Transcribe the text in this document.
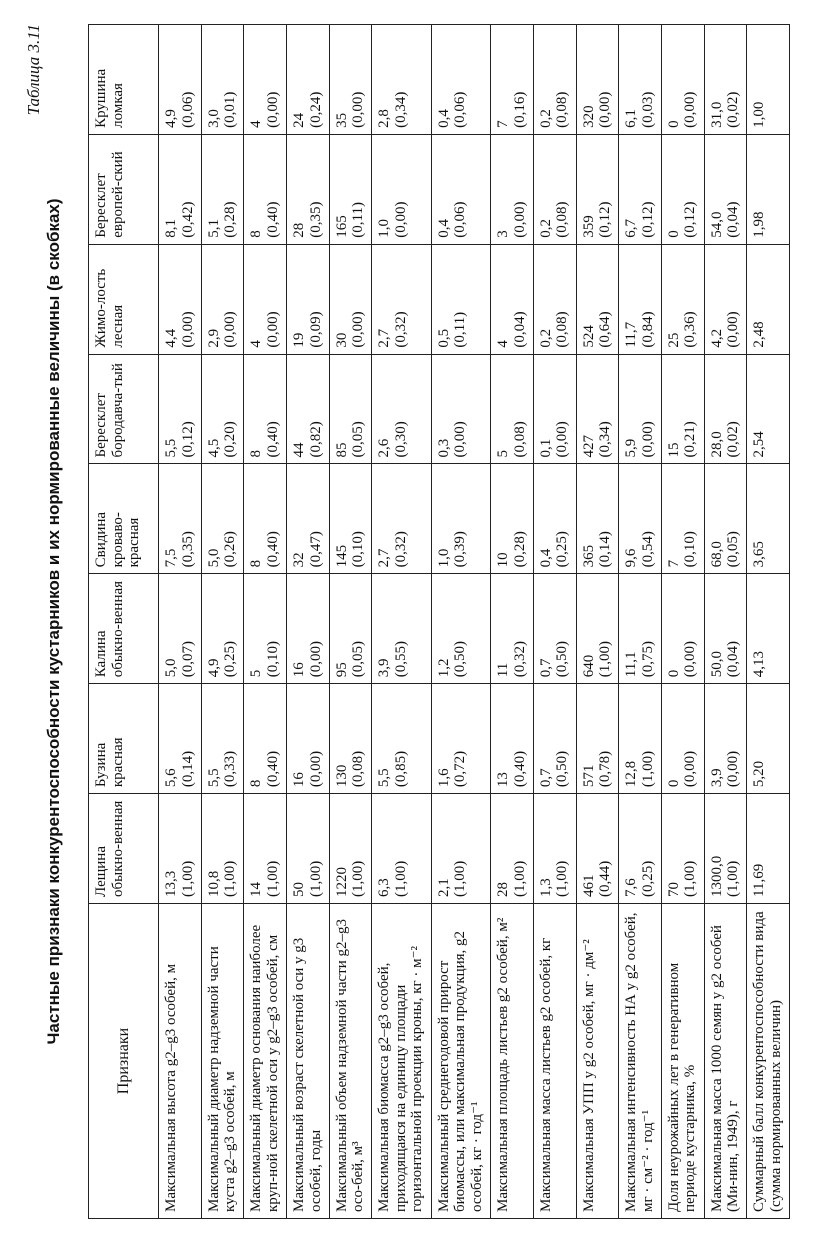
Таблица 3.11
Частные признаки конкурентоспособности кустарников и их нормированные величины (в скобках)
Признаки	Лещина обыкно-венная	Бузина красная	Калина обыкно-венная	Свидина кроваво-красная	Бересклет бородавча-тый	Жимо-лость лесная	Бересклет европей-ский	Крушина ломкая
Максимальная высота g2–g3 особей, м	13,3 (1,00)	5,6 (0,14)	5,0 (0,07)	7,5 (0,35)	5,5 (0,12)	4,4 (0,00)	8,1 (0,42)	4,9 (0,06)

Максимальный диаметр надземной части куста g2–g3 особей, м	10,8 (1,00)	5,5 (0,33)	4,9 (0,25)	5,0 (0,26)	4,5 (0,20)	2,9 (0,00)	5,1 (0,28)	3,0 (0,01)

Максимальный диаметр основания наиболее круп-ной скелетной оси у g2–g3 особей, см	14 (1,00)	8 (0,40)	5 (0,10)	8 (0,40)	8 (0,40)	4 (0,00)	8 (0,40)	4 (0,00)

Максимальный возраст скелетной оси у g3 особей, годы	50 (1,00)	16 (0,00)	16 (0,00)	32 (0,47)	44 (0,82)	19 (0,09)	28 (0,35)	24 (0,24)

Максимальный объем надземной части g2–g3 осо-бей, м³	1220 (1,00)	130 (0,08)	95 (0,05)	145 (0,10)	85 (0,05)	30 (0,00)	165 (0,11)	35 (0,00)

Максимальная биомасса g2–g3 особей, приходящаяся на единицу площади горизонтальной проекции кроны, кг · м⁻²	6,3 (1,00)	5,5 (0,85)	3,9 (0,55)	2,7 (0,32)	2,6 (0,30)	2,7 (0,32)	1,0 (0,00)	2,8 (0,34)

Максимальный среднегодовой прирост биомассы, или максимальная продукция, g2 особей, кг · год⁻¹	2,1 (1,00)	1,6 (0,72)	1,2 (0,50)	1,0 (0,39)	0,3 (0,00)	0,5 (0,11)	0,4 (0,06)	0,4 (0,06)

Максимальная площадь листьев g2 особей, м²	28 (1,00)	13 (0,40)	11 (0,32)	10 (0,28)	5 (0,08)	4 (0,04)	3 (0,00)	7 (0,16)

Максимальная масса листьев g2 особей, кг	1,3 (1,00)	0,7 (0,50)	0,7 (0,50)	0,4 (0,25)	0,1 (0,00)	0,2 (0,08)	0,2 (0,08)	0,2 (0,08)

Максимальная УПП у g2 особей, мг · дм⁻²	461 (0,44)	571 (0,78)	640 (1,00)	365 (0,14)	427 (0,34)	524 (0,64)	359 (0,12)	320 (0,00)

Максимальная интенсивность НА у g2 особей, мг · см⁻² · год⁻¹	7,6 (0,25)	12,8 (1,00)	11,1 (0,75)	9,6 (0,54)	5,9 (0,00)	11,7 (0,84)	6,7 (0,12)	6,1 (0,03)

Доля неурожайных лет в генеративном периоде кустарника, %	70 (1,00)	0 (0,00)	0 (0,00)	7 (0,10)	15 (0,21)	25 (0,36)	0 (0,12)	0 (0,00)

Максимальная масса 1000 семян у g2 особей (Ми-нин, 1949), г	1300,0 (1,00)	3,9 (0,00)	50,0 (0,04)	68,0 (0,05)	28,0 (0,02)	4,2 (0,00)	54,0 (0,04)	31,0 (0,02)

Суммарный балл конкурентоспособности вида (сумма нормированных величин)	11,69	5,20	4,13	3,65	2,54	2,48	1,98	1,00
